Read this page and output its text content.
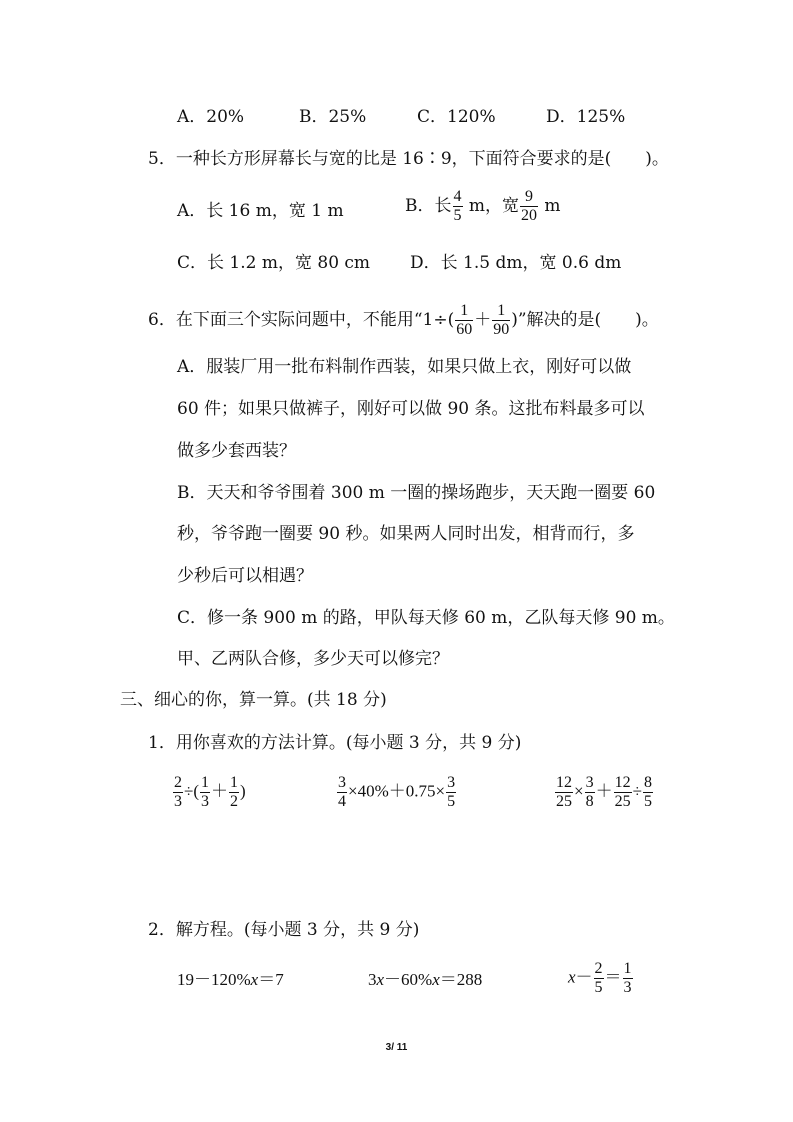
A．20%	B．25%	C．120%	D．125%
5．一种长方形屏幕长与宽的比是 16∶9，下面符合要求的是(　　)。
A．长 16 m，宽 1 m	B．长 $\frac{4}{5}$ m，宽 $\frac{9}{20}$ m
C．长 1.2 m，宽 80 cm D．长 1.5 dm，宽 0.6 dm
6．在下面三个实际问题中，不能用“$1\div( \frac{1}{60} + \frac{1}{90}$ )”解决的是(　　)。
A．服装厂用一批布料制作西装，如果只做上衣，刚好可以做
60 件；如果只做裤子，刚好可以做 90 条。这批布料最多可以
做多少套西装？
B．天天和爷爷围着 300 m 一圈的操场跑步，天天跑一圈要 60
秒，爷爷跑一圈要 90 秒。如果两人同时出发，相背而行，多
少秒后可以相遇？
C．修一条 900 m 的路，甲队每天修 60 m，乙队每天修 90 m。
甲、乙两队合修，多少天可以修完？
三、细心的你，算一算。(共 18 分)
1．用你喜欢的方法计算。(每小题 3 分，共 9 分)
$\frac{2}{3}$ ÷( $\frac{1}{3} + \frac{1}{2}$ )	$\frac{3}{4} \times 40\%+0.75\times \frac{3}{5}$	$\frac{12}{25} \times \frac{3}{8} + \frac{12}{25} \div \frac{8}{5}$
2．解方程。(每小题 3 分，共 9 分)
19－120%x＝7	3x－60%x＝288	$x- \frac{2}{5} = \frac{1}{3}$
3/ 11
